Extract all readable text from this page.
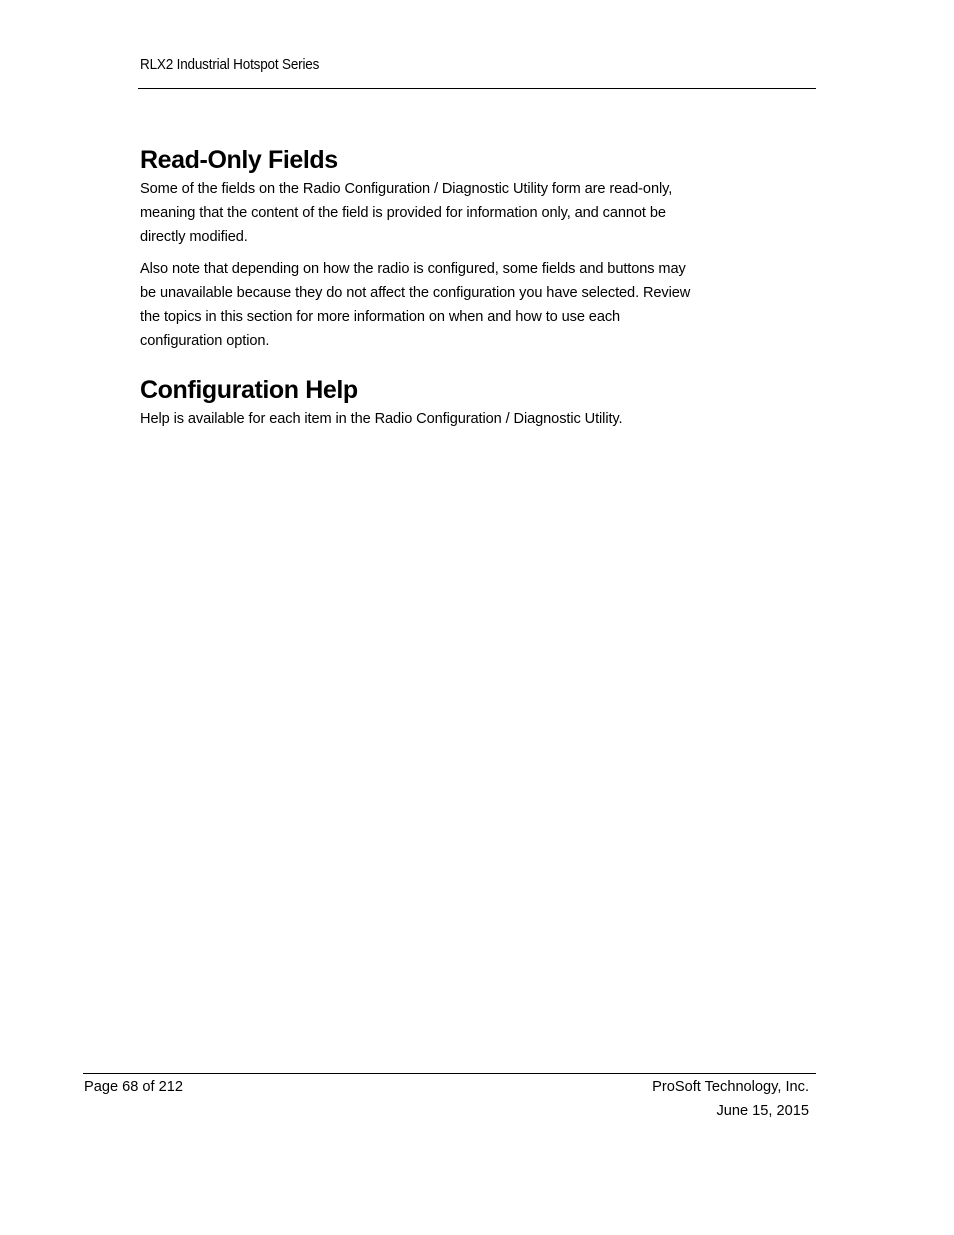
RLX2 Industrial Hotspot Series
Read-Only Fields
Some of the fields on the Radio Configuration / Diagnostic Utility form are read-only,
meaning that the content of the field is provided for information only, and cannot be
directly modified.
Also note that depending on how the radio is configured, some fields and buttons may
be unavailable because they do not affect the configuration you have selected. Review
the topics in this section for more information on when and how to use each
configuration option.
Configuration Help
Help is available for each item in the Radio Configuration / Diagnostic Utility.
Page 68 of 212	ProSoft Technology, Inc.
June 15, 2015
